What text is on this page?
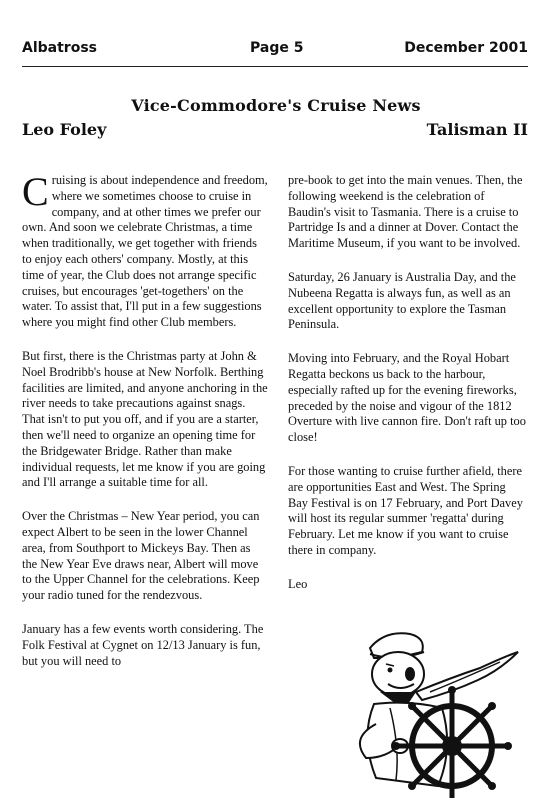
Albatross	Page 5	December 2001
Vice-Commodore's Cruise News
Leo Foley	Talisman II

Cruising is about independence and freedom, where we sometimes choose to cruise in company, and at other times we prefer our own. And soon we celebrate Christmas, a time when traditionally, we get together with friends to enjoy each others' company. Mostly, at this time of year, the Club does not arrange specific cruises, but encourages 'get-togethers' on the water. To assist that, I'll put in a few suggestions where you might find other Club members.

But first, there is the Christmas party at John & Noel Brodribb's house at New Norfolk. Berthing facilities are limited, and anyone anchoring in the river needs to take precautions against snags. That isn't to put you off, and if you are a starter, then we'll need to organize an opening time for the Bridgewater Bridge. Rather than make individual requests, let me know if you are going and I'll arrange a suitable time for all.

Over the Christmas – New Year period, you can expect Albert to be seen in the lower Channel area, from Southport to Mickeys Bay. Then as the New Year Eve draws near, Albert will move to the Upper Channel for the celebrations. Keep your radio tuned for the rendezvous.

January has a few events worth considering. The Folk Festival at Cygnet on 12/13 January is fun, but you will need to

pre-book to get into the main venues. Then, the following weekend is the celebration of Baudin's visit to Tasmania. There is a cruise to Partridge Is and a dinner at Dover. Contact the Maritime Museum, if you want to be involved.

Saturday, 26 January is Australia Day, and the Nubeena Regatta is always fun, as well as an excellent opportunity to explore the Tasman Peninsula.

Moving into February, and the Royal Hobart Regatta beckons us back to the harbour, especially rafted up for the evening fireworks, preceded by the noise and vigour of the 1812 Overture with live cannon fire. Don't raft up too close!

For those wanting to cruise further afield, there are opportunities East and West. The Spring Bay Festival is on 17 February, and Port Davey will host its regular summer 'regatta' during February. Let me know if you want to cruise there in company.

Leo
